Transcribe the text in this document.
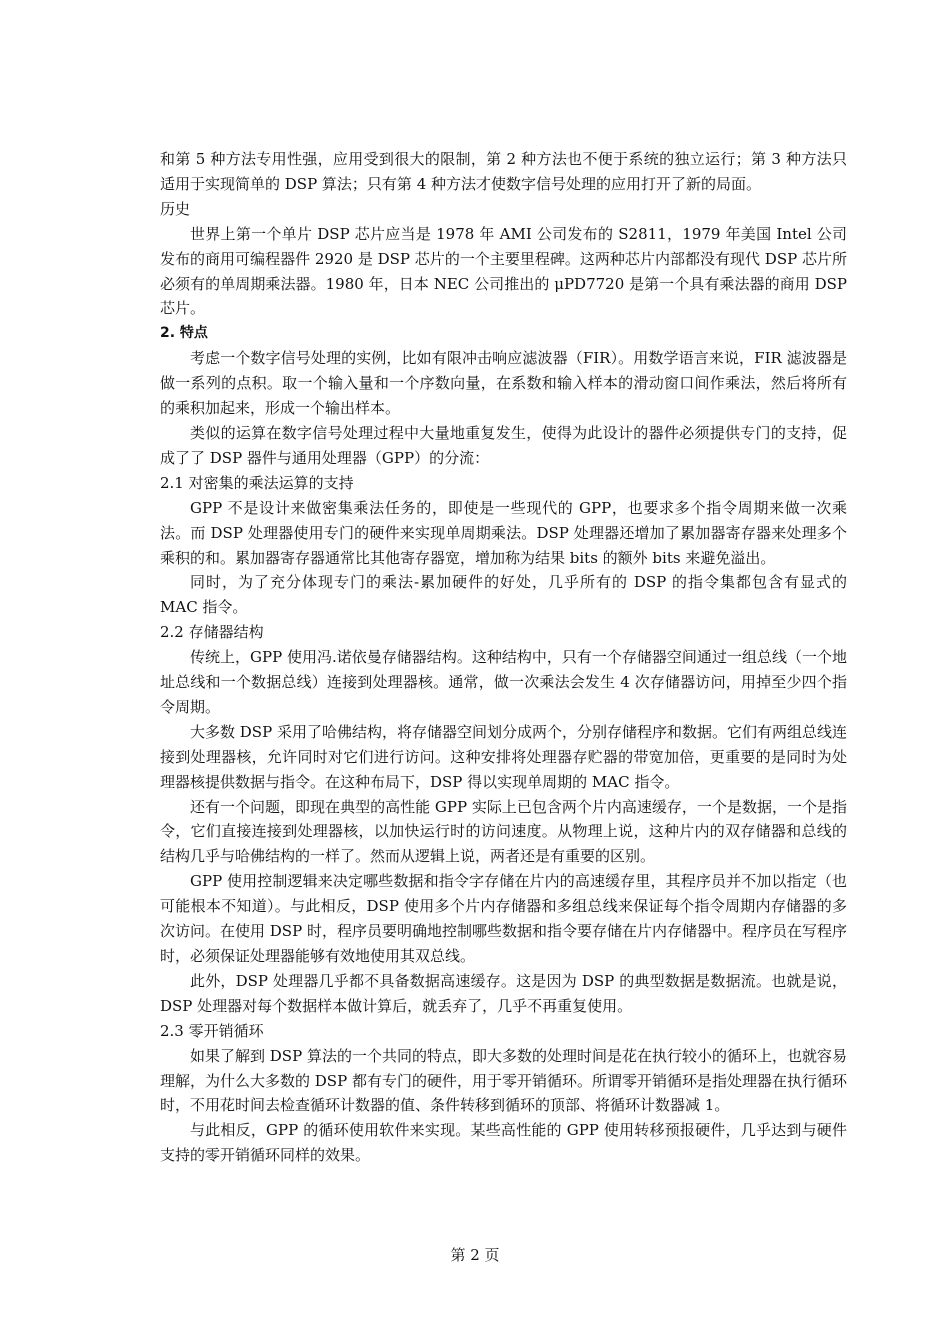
和第 5 种方法专用性强，应用受到很大的限制，第 2 种方法也不便于系统的独立运行；第 3 种方法只适用于实现简单的 DSP 算法；只有第 4 种方法才使数字信号处理的应用打开了新的局面。

历史

世界上第一个单片 DSP 芯片应当是 1978 年 AMI 公司发布的 S2811，1979 年美国 Intel 公司发布的商用可编程器件 2920 是 DSP 芯片的一个主要里程碑。这两种芯片内部都没有现代 DSP 芯片所必须有的单周期乘法器。1980 年，日本 NEC 公司推出的 μPD7720 是第一个具有乘法器的商用 DSP 芯片。

2. 特点

考虑一个数字信号处理的实例，比如有限冲击响应滤波器（FIR）。用数学语言来说，FIR 滤波器是做一系列的点积。取一个输入量和一个序数向量，在系数和输入样本的滑动窗口间作乘法，然后将所有的乘积加起来，形成一个输出样本。

类似的运算在数字信号处理过程中大量地重复发生，使得为此设计的器件必须提供专门的支持，促成了了 DSP 器件与通用处理器（GPP）的分流：

2.1 对密集的乘法运算的支持

GPP 不是设计来做密集乘法任务的，即使是一些现代的 GPP，也要求多个指令周期来做一次乘法。而 DSP 处理器使用专门的硬件来实现单周期乘法。DSP 处理器还增加了累加器寄存器来处理多个乘积的和。累加器寄存器通常比其他寄存器宽，增加称为结果 bits 的额外 bits 来避免溢出。

同时，为了充分体现专门的乘法-累加硬件的好处，几乎所有的 DSP 的指令集都包含有显式的 MAC 指令。

2.2 存储器结构

传统上，GPP 使用冯.诺依曼存储器结构。这种结构中，只有一个存储器空间通过一组总线（一个地址总线和一个数据总线）连接到处理器核。通常，做一次乘法会发生 4 次存储器访问，用掉至少四个指令周期。

大多数 DSP 采用了哈佛结构，将存储器空间划分成两个，分别存储程序和数据。它们有两组总线连接到处理器核，允许同时对它们进行访问。这种安排将处理器存贮器的带宽加倍，更重要的是同时为处理器核提供数据与指令。在这种布局下，DSP 得以实现单周期的 MAC 指令。

还有一个问题，即现在典型的高性能 GPP 实际上已包含两个片内高速缓存，一个是数据，一个是指令，它们直接连接到处理器核，以加快运行时的访问速度。从物理上说，这种片内的双存储器和总线的结构几乎与哈佛结构的一样了。然而从逻辑上说，两者还是有重要的区别。

GPP 使用控制逻辑来决定哪些数据和指令字存储在片内的高速缓存里，其程序员并不加以指定（也可能根本不知道）。与此相反，DSP 使用多个片内存储器和多组总线来保证每个指令周期内存储器的多次访问。在使用 DSP 时，程序员要明确地控制哪些数据和指令要存储在片内存储器中。程序员在写程序时，必须保证处理器能够有效地使用其双总线。

此外，DSP 处理器几乎都不具备数据高速缓存。这是因为 DSP 的典型数据是数据流。也就是说，DSP 处理器对每个数据样本做计算后，就丢弃了，几乎不再重复使用。

2.3 零开销循环

如果了解到 DSP 算法的一个共同的特点，即大多数的处理时间是花在执行较小的循环上，也就容易理解，为什么大多数的 DSP 都有专门的硬件，用于零开销循环。所谓零开销循环是指处理器在执行循环时，不用花时间去检查循环计数器的值、条件转移到循环的顶部、将循环计数器减 1。

与此相反，GPP 的循环使用软件来实现。某些高性能的 GPP 使用转移预报硬件，几乎达到与硬件支持的零开销循环同样的效果。

第 2 页
